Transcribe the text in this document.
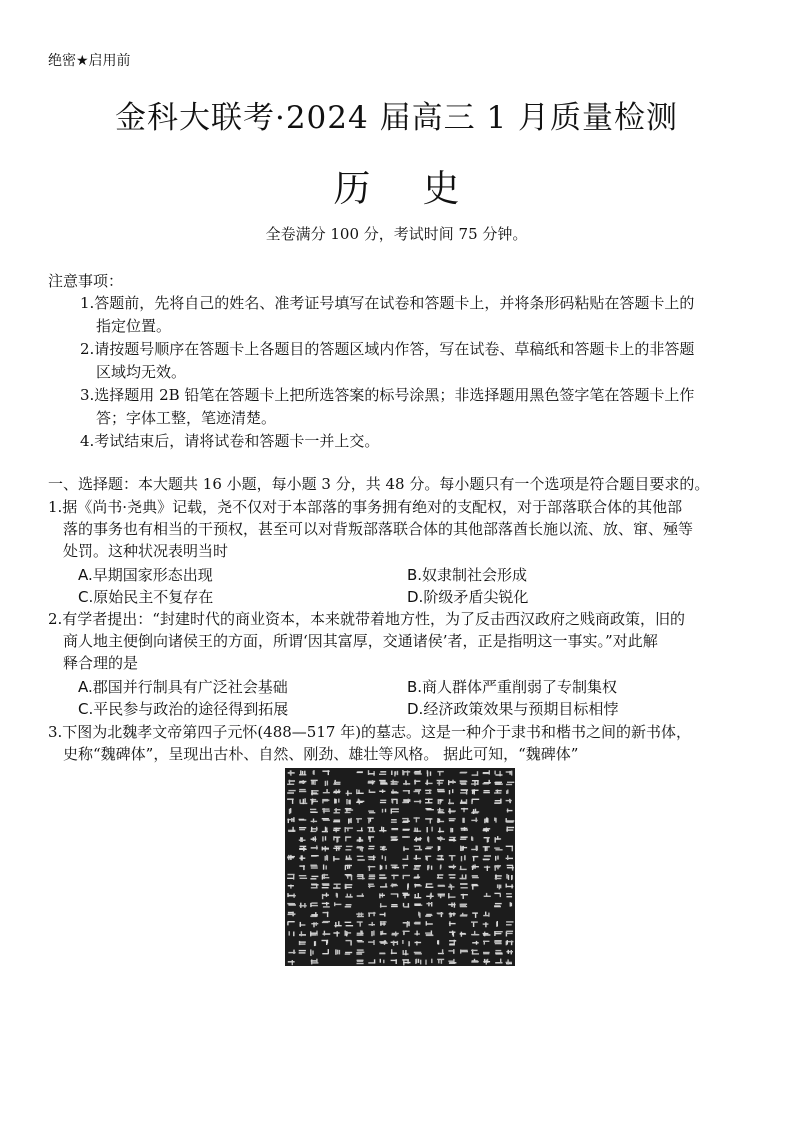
绝密★启用前
金科大联考·2024 届高三 1 月质量检测
历 史
全卷满分 100 分，考试时间 75 分钟。
注意事项：
1.答题前，先将自己的姓名、准考证号填写在试卷和答题卡上，并将条形码粘贴在答题卡上的
指定位置。
2.请按题号顺序在答题卡上各题目的答题区域内作答，写在试卷、草稿纸和答题卡上的非答题
区域均无效。
3.选择题用 2B 铅笔在答题卡上把所选答案的标号涂黑；非选择题用黑色签字笔在答题卡上作
答；字体工整，笔迹清楚。
4.考试结束后，请将试卷和答题卡一并上交。
一、选择题：本大题共 16 小题，每小题 3 分，共 48 分。每小题只有一个选项是符合题目要求的。
1.据《尚书·尧典》记载，尧不仅对于本部落的事务拥有绝对的支配权，对于部落联合体的其他部
落的事务也有相当的干预权，甚至可以对背叛部落联合体的其他部落酋长施以流、放、窜、殛等
处罚。这种状况表明当时
A.早期国家形态出现	B.奴隶制社会形成
C.原始民主不复存在	D.阶级矛盾尖锐化
2.有学者提出：“封建时代的商业资本，本来就带着地方性，为了反击西汉政府之贱商政策，旧的
商人地主便倒向诸侯王的方面，所谓‘因其富厚，交通诸侯’者，正是指明这一事实。”对此解
释合理的是
A.郡国并行制具有广泛社会基础	B.商人群体严重削弱了专制集权
C.平民参与政治的途径得到拓展	D.经济政策效果与预期目标相悖
3.下图为北魏孝文帝第四子元怀(488—517 年)的墓志。这是一种介于隶书和楷书之间的新书体，
史称“魏碑体”，呈现出古朴、自然、刚劲、雄壮等风格。 据此可知，“魏碑体”
